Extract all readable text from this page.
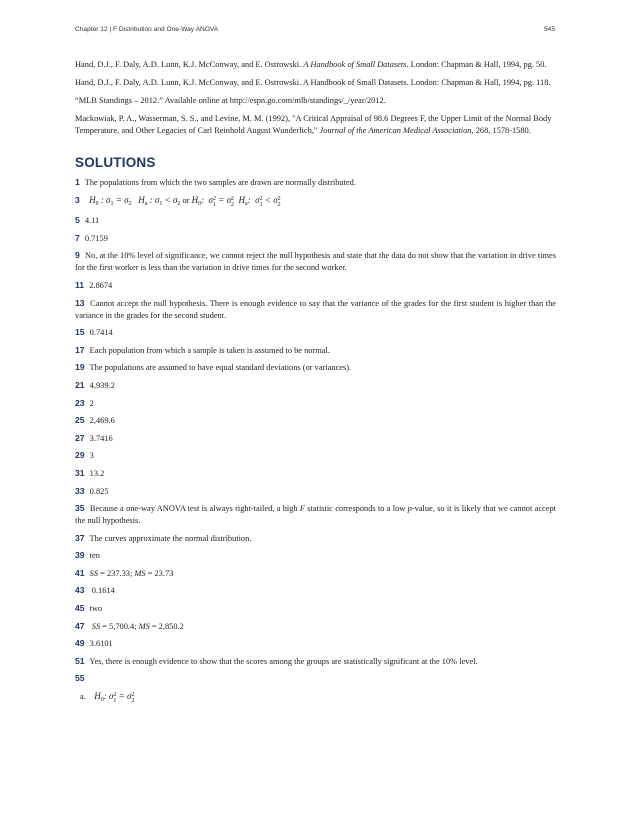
Chapter 12 | F Distribution and One-Way ANOVA	545

Hand, D.J., F. Daly, A.D. Lunn, K.J. McConway, and E. Ostrowski. A Handbook of Small Datasets. London: Chapman & Hall, 1994, pg. 50.

Hand, D.J., F. Daly, A.D. Lunn, K.J. McConway, and E. Ostrowski. A Handbook of Small Datasets. London: Chapman & Hall, 1994, pg. 118.

“MLB Standings – 2012.” Available online at http://espn.go.com/mlb/standings/_/year/2012.

Mackowiak, P. A., Wasserman, S. S., and Levine, M. M. (1992), "A Critical Appraisal of 98.6 Degrees F, the Upper Limit of the Normal Body Temperature, and Other Legacies of Carl Reinhold August Wunderlich," Journal of the American Medical Association, 268, 1578-1580.

SOLUTIONS

1 The populations from which the two samples are drawn are normally distributed.

3 $H_0$ : $\sigma_1 = \sigma_2$   $H_a$ : $\sigma_1 < \sigma_2$ or $H_0$:  σ 2
1 = σ 2
2 $H_a$:  σ 2
1 < σ 2
2

5 4.11

7 0.7159

9 No, at the 10% level of significance, we cannot reject the null hypothesis and state that the data do not show that the variation in drive times for the first worker is less than the variation in drive times for the second worker.

11 2.8674

13 Cannot accept the null hypothesis. There is enough evidence to say that the variance of the grades for the first student is higher than the variance in the grades for the second student.

15 0.7414

17 Each population from which a sample is taken is assumed to be normal.

19 The populations are assumed to have equal standard deviations (or variances).

21 4,939.2

23 2

25 2,469.6

27 3.7416

29 3

31 13.2

33 0.825

35 Because a one-way ANOVA test is always right-tailed, a high F statistic corresponds to a low p-value, so it is likely that we cannot accept the null hypothesis.

37 The curves approximate the normal distribution.

39 ten

41 SS = 237.33; MS = 23.73

43 0.1614

45 two

47 SS = 5,700.4; MS = 2,850.2

49 3.6101

51 Yes, there is enough evidence to show that the scores among the groups are statistically significant at the 10% level.

55

a. $H_0$: σ 2
1 = σ 2
2
